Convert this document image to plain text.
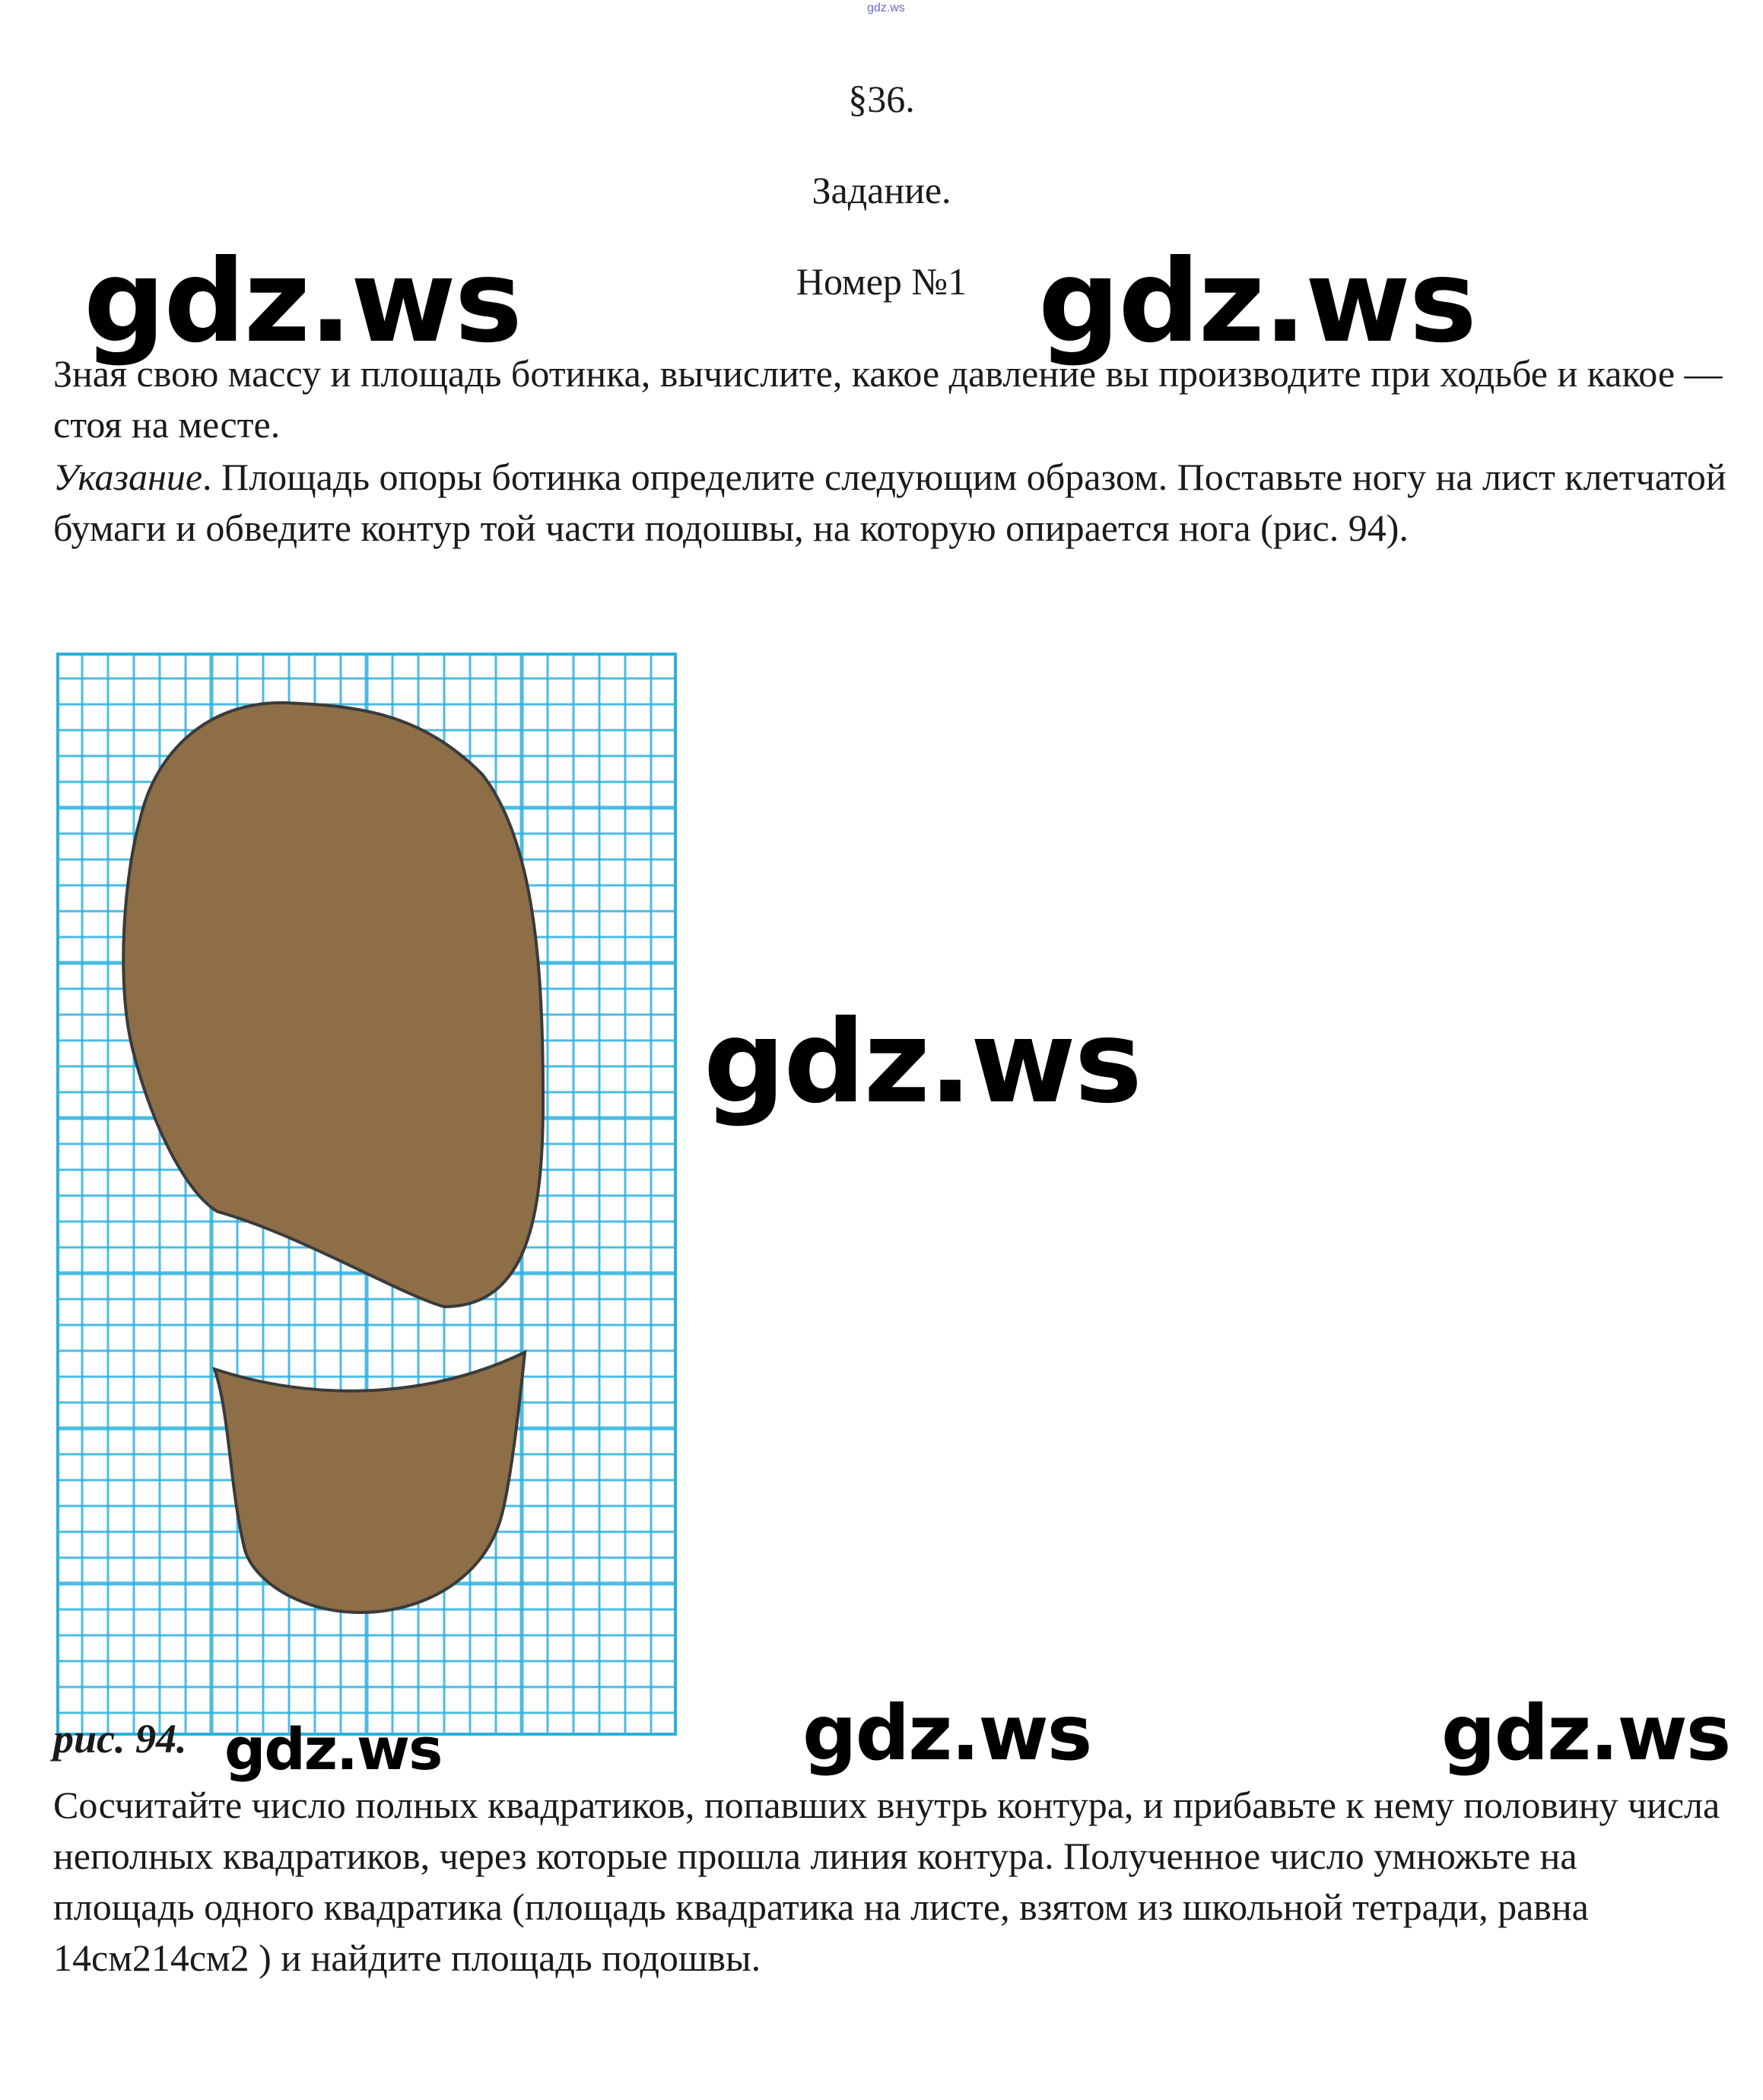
gdz.ws
§36.
Задание.
Номер №1

Зная свою массу и площадь ботинка, вычислите, какое давление вы производите при ходьбе и какое — стоя на месте.

Указание. Площадь опоры ботинка определите следующим образом. Поставьте ногу на лист клетчатой бумаги и обведите контур той части подошвы, на которую опирается нога (рис. 94).

gdz.ws	gdz.ws
gdz.ws
gdz.ws	gdz.ws
gdz.ws
рис. 94.

Сосчитайте число полных квадратиков, попавших внутрь контура, и прибавьте к нему половину числа неполных квадратиков, через которые прошла линия контура. Полученное число умножьте на площадь одного квадратика (площадь квадратика на листе, взятом из школьной тетради, равна 14см214см2 ) и найдите площадь подошвы.
